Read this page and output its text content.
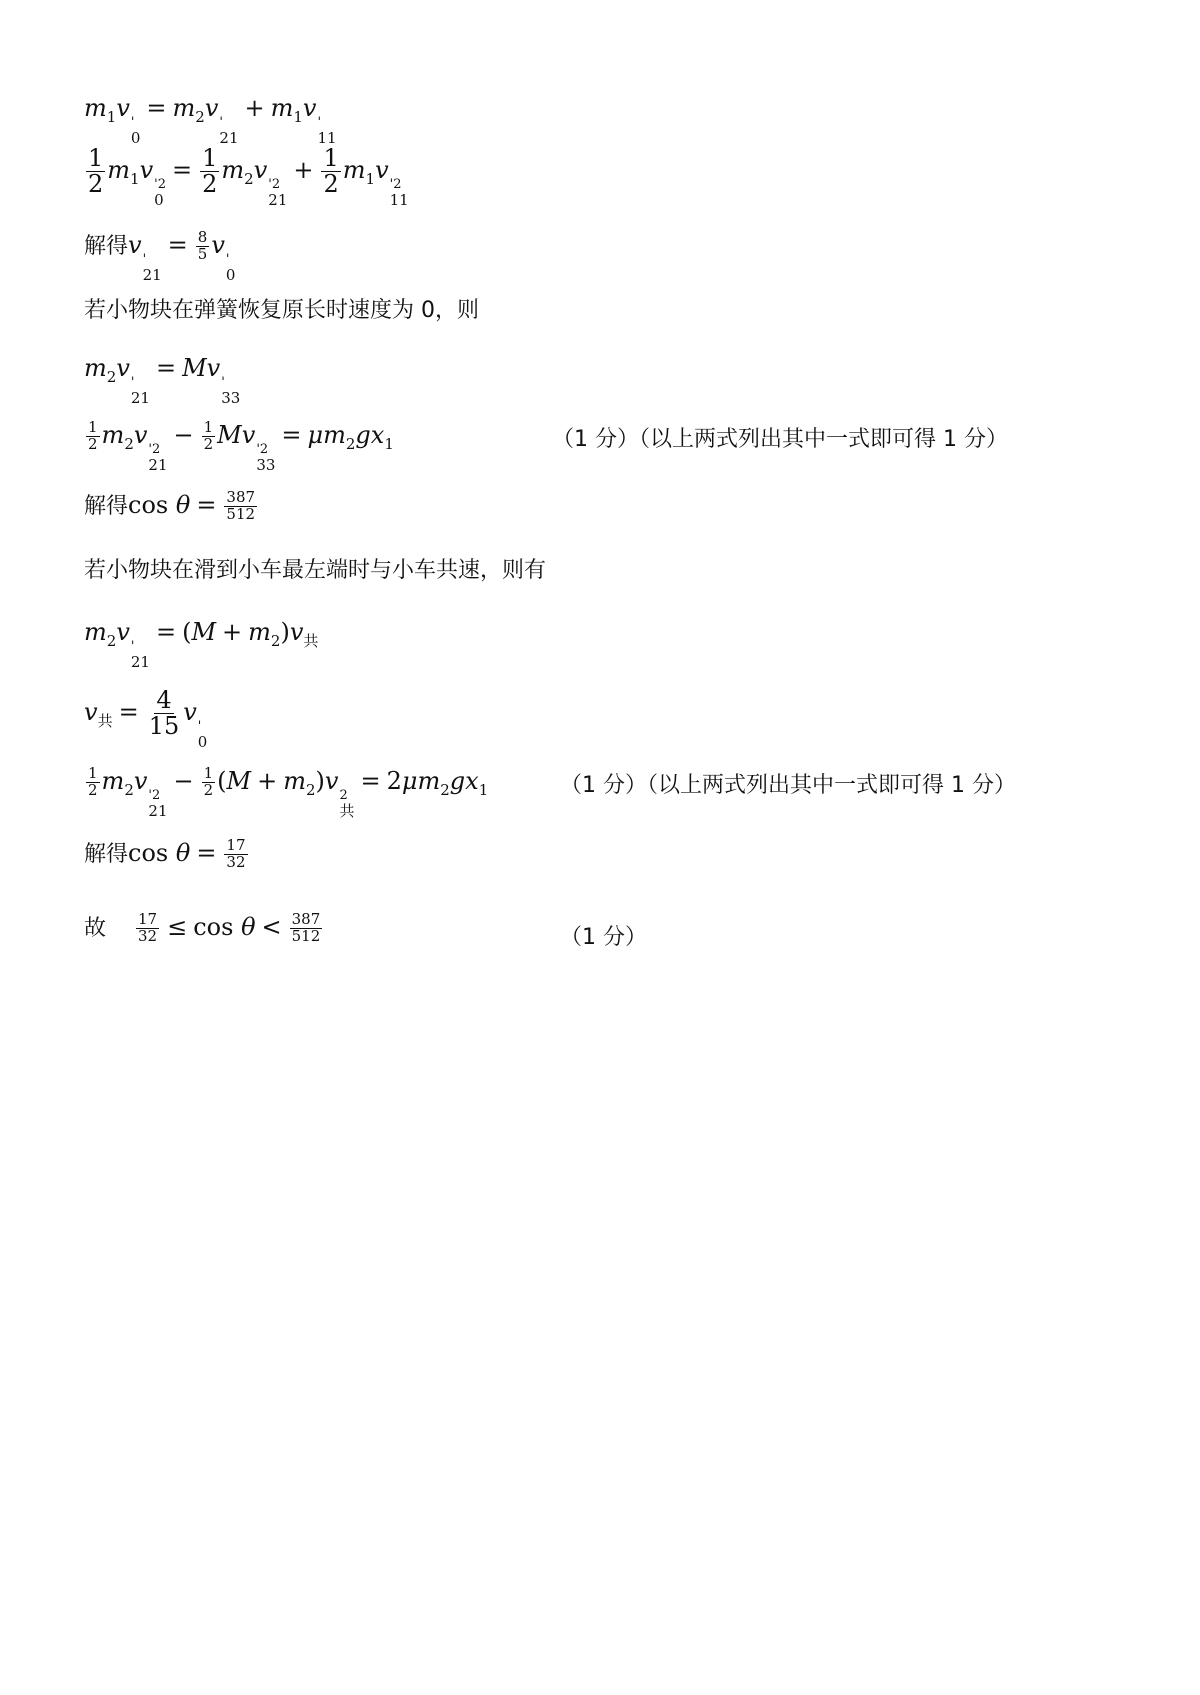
$m_1v$
'
0
= $m_2v$
'
21
+ $m_1v$
'
11
$\frac{1}{2} m_1v$
'2
0
= $\frac{1}{2} m_2v$
'2
21
+ $\frac{1}{2} m_1v$
'2
11
解得v
'
21
= $\frac{8}{5}$ v
'
0
若小物块在弹簧恢复原长时速度为 0，则
$m_2v$
'
21
= Mv
'
33
$\frac{1}{2} m_2v$
'2
21
− $\frac{1}{2}$ Mv
'2
33
= $\mu m_2gx_1$	（1 分）（以上两式列出其中一式即可得 1 分）
解得$\cos \theta = \frac{387}{512}$
若小物块在滑到小车最左端时与小车共速，则有
$m_2v$
'
21
= $(M + m_2)v_共$
$v_共 = \frac{4}{15}$ v
'
0
$\frac{1}{2} m_2v$
'2
21
− $\frac{1}{2} (M + m_2)v$
2
共
= $2\mu m_2gx_1$	（1 分）（以上两式列出其中一式即可得 1 分）
解得$\cos \theta = \frac{17}{32}$
故 $\frac{17}{32} \le \cos \theta < \frac{387}{512}$	（1 分）
